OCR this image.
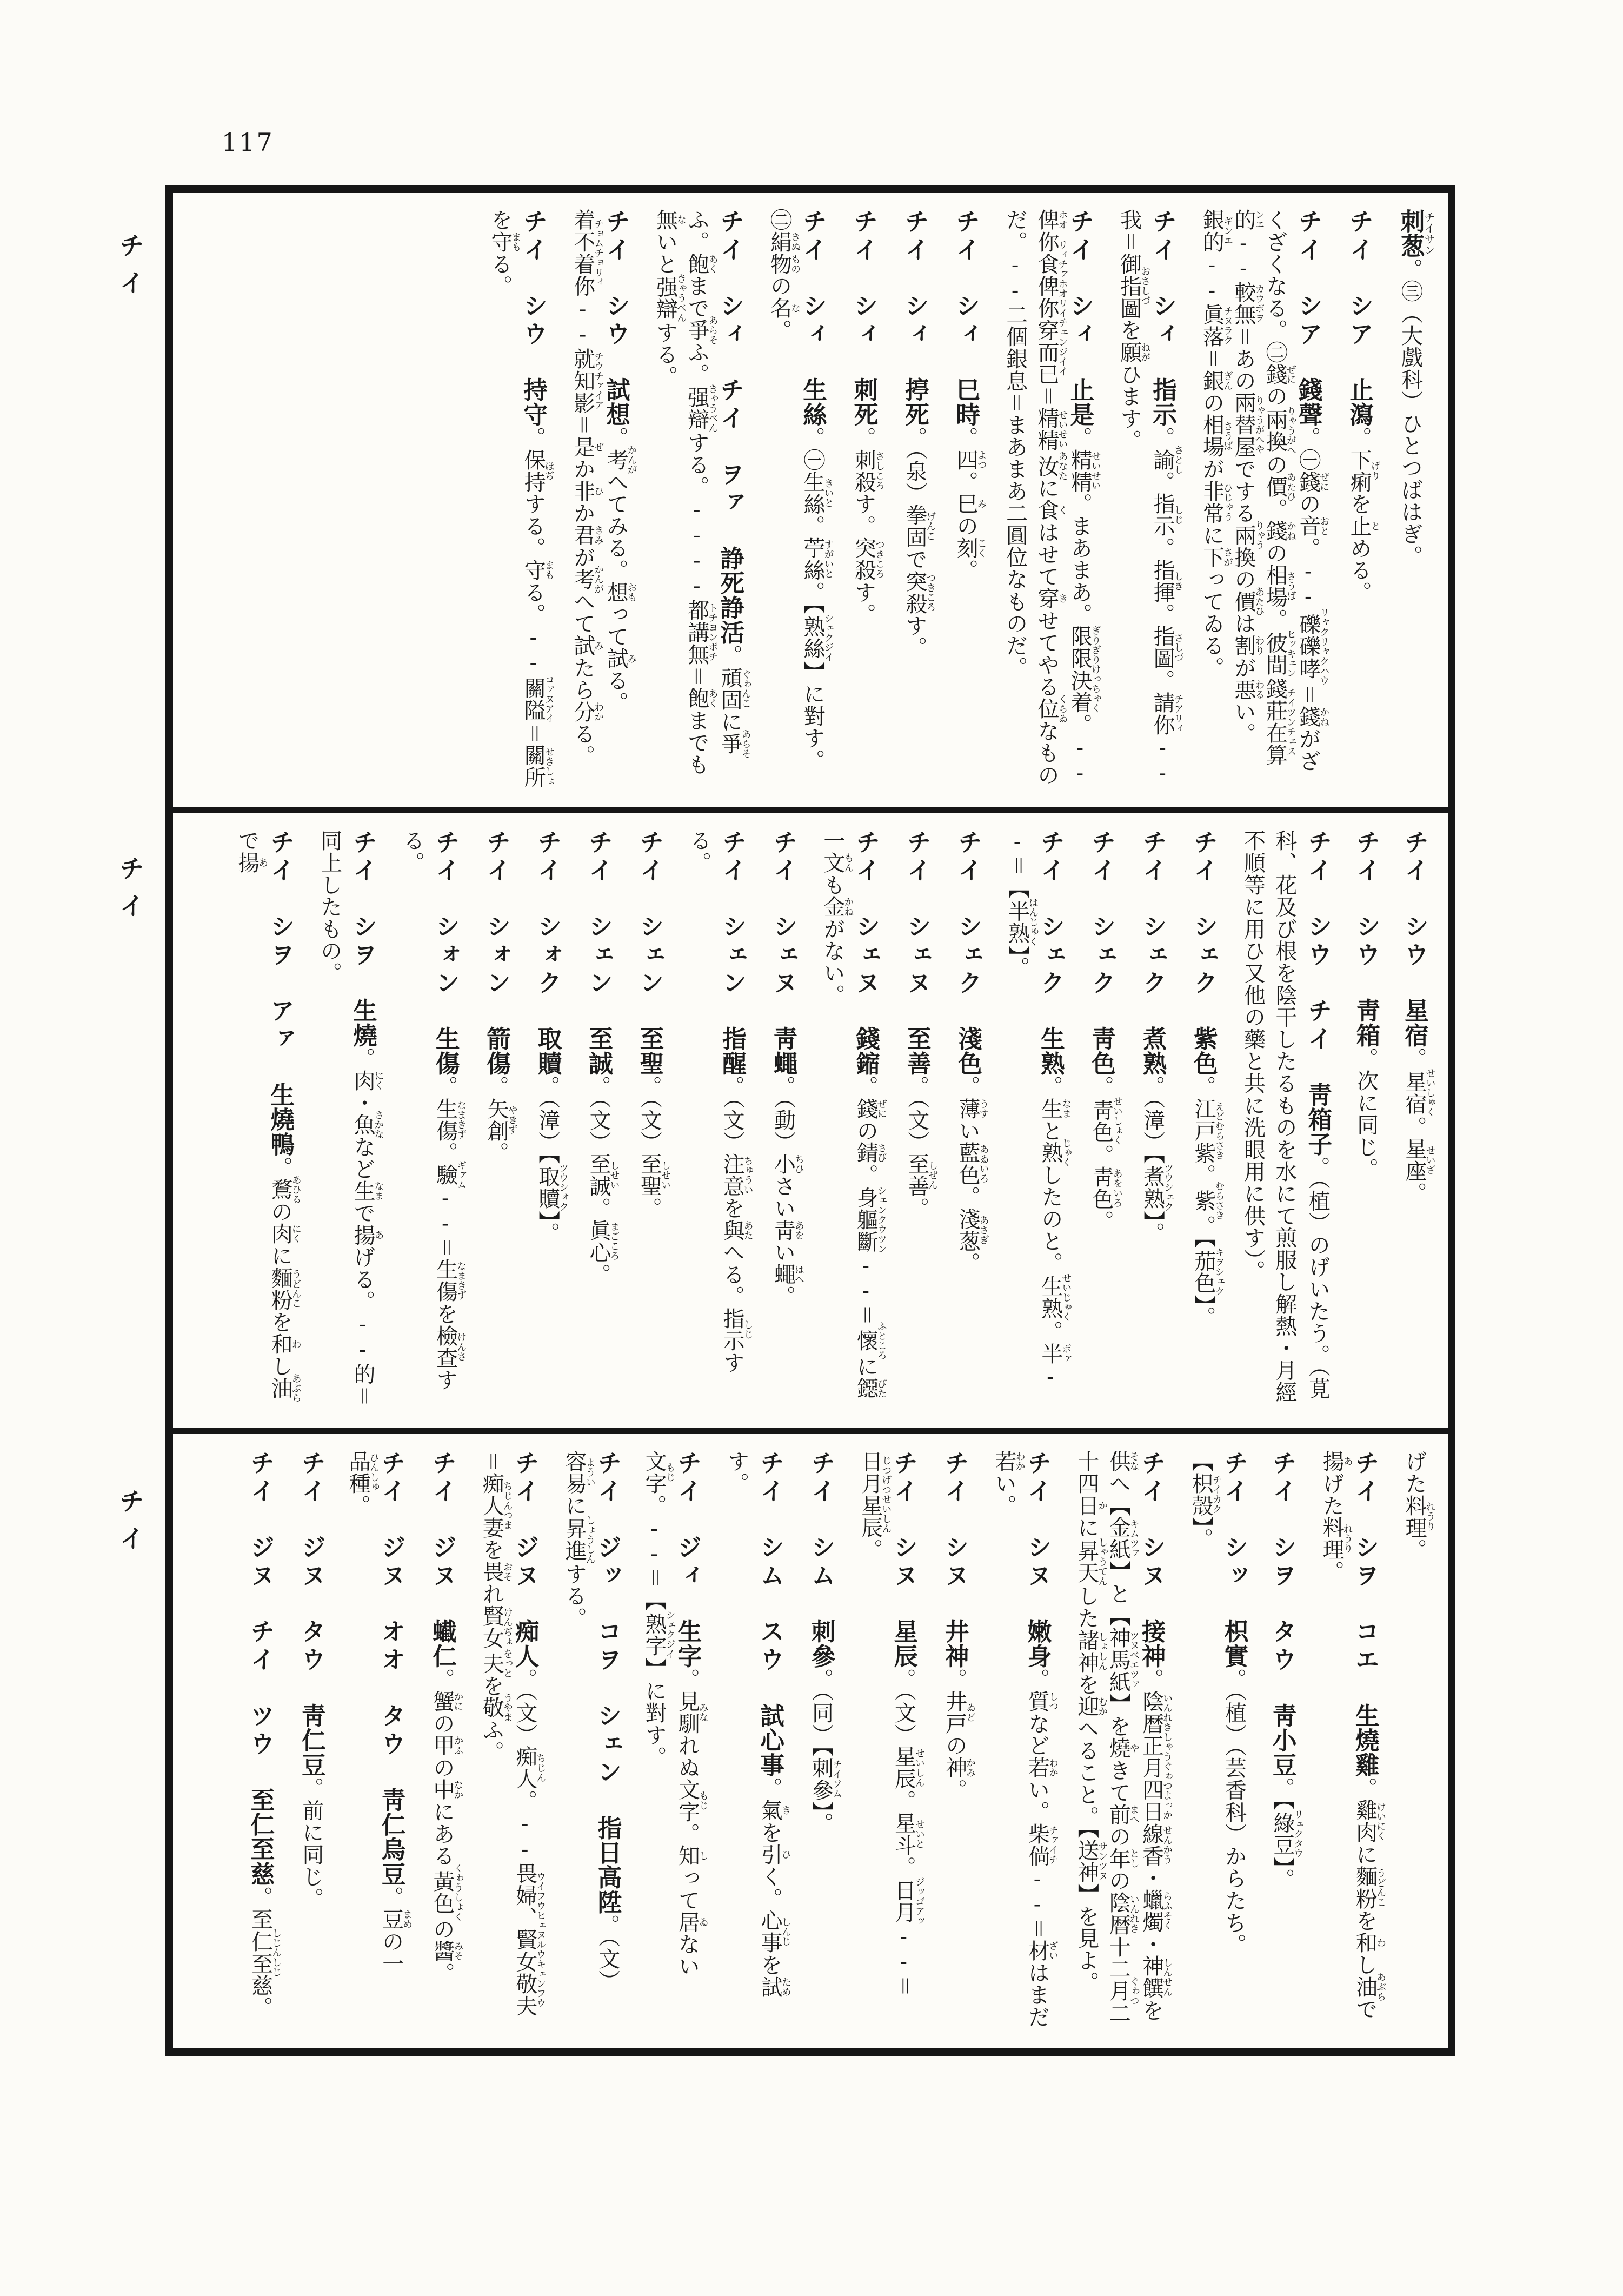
117
チイ
チイ
チイ
刺葱チイサン。㊂（大戲科）ひとつばはぎ。
チイ　シア　止瀉。下痢げりを止とめる。
チイ　シア　錢聲。㊀錢ぜにの音おと。--礫礫哮リャクリャクハウ＝錢かねがざくざくなる。㊁錢ぜにの兩換りゃうがへの價あたひ。錢かねの相場さうば。彼間ヒッキェン錢莊在算的チイツンチェスンエ--較無カウボヲ＝あの兩替屋りゃうがへやでする兩りゃう換の價あたひは割わりが悪わるい。銀的ギンエ--眞落チヌラク＝銀ぎんの相場さうばが非常ひじゃうに下さがってゐる。
チイ　シィ　指示。諭さとし。指示しじ。指揮しき。指圖さしづ。請你チアリィ--我＝御指圖おさしづを願ねがひます。
チイ　シィ　止是。精精せいせい。まあまあ。限限決着ぎりぎりけっちゃく。--俾ホオ你食俾你穿而已リィチァホオリイチェンジイイ＝精精せいせい汝あなたに食くはせて穿きせてやる位くらゐなものだ。--二個銀息＝まあまあ二圓位なものだ。
チイ　シィ　巳時。四よつ。巳みの刻こく。
チイ　シィ　揨死。（泉）拳固げんこで突殺つきころす。
チイ　シィ　刺死。刺殺さしころす。突殺つきころす。
チイ　シィ　生絲。㊀生絲きいと。苧絲すがいと。【熟絲シェクジイ】に對す。㊁絹きぬ物ものの名な。
チイ　シィ　チイ　ヲァ　諍死諍活。頑固ぐゎんこに爭あらそふ。飽あくまで爭あらそふ。强辯きゃうべんする。----都講無トチヨンボチ＝飽あくまでも無ないと强辯きゃうべんする。
チイ　シウ　試想。考かんがへてみる。想おもって試みる。着不着你チョムチョリィ--就知影チウチァイア＝是ぜか非ひか君きみが考かんがへて試みたら分わかる。
チイ　シウ　持守。保持ほぢする。守まもる。--關隘コァヌアイ＝關所せきしょを守まもる。
チイ　シウ　星宿。星宿せいしゅく。星座せいざ。
チイ　シウ　靑箱。次に同じ。
チイ　シウ　チイ　靑箱子。（植）のげいたう。（莧科、花及び根を陰干したるものを水にて煎服し解熱・月經不順等に用ひ又他の藥と共に洗眼用に供す）。
チイ　シェク　紫色。江戸紫えどむらさき。紫むらさき。【茄色キヲシェク】。
チイ　シェク　煮熟。（漳）【煮熟ツウシェク】。
チイ　シェク　靑色。靑色せいしょく。靑色あをいろ。
チイ　シェク　生熟。生なまと熟じゅくしたのと。生熟せいじゅく。半ポァ--＝【半熟はんじゅく】。
チイ　シェク　淺色。薄うすい藍色あゐいろ。淺葱あさぎ。
チイ　シェヌ　至善。（文）至善しぜん。
チイ　シェヌ　錢鏥。錢ぜにの錆さび。身軀斷シェンクウツン--＝懷ふところに鐚びた一文もんも金かねがない。
チイ　シェヌ　靑蠅。（動）小ちひさい靑あをい蠅はへ。
チイ　シェン　指醒。（文）注意ちゅういを與あたへる。指示しじする。
チイ　シェン　至聖。（文）至聖しせい。
チイ　シェン　至誠。（文）至誠しせい。眞心まごころ。
チイ　シォク　取贖。（漳）【取贖ツウシォク】。
チイ　シォン　箭傷。矢創やきず。
チイ　シォン　生傷。生傷なまきず。驗ギァム--＝生傷なまきずを檢查けんさする。
チイ　シヲ　生燒。肉にく・魚さかななど生なまで揚あげる。--的＝同上したもの。
チイ　シヲ　アァ　生燒鴨。鶩あひるの肉にくに麵粉うどんこを和わし油あぶらで揚あ
げた料理れうり。
チイ　シヲ　コエ　生燒雞。雞肉けいにくに麵粉うどんこを和わし油あぶらで揚あげた料理れうり。
チイ　シヲ　タウ　靑小豆。【綠豆リェクタウ】。
チイ　シッ　枳實。（植）（芸香科）からたち。【枳殼チイカク】。
チイ　シヌ　接神。陰暦正月四日いんれきしゃうぐゎつよっか線香せんかう・蠟燭らふそく・神饌しんせんを供そなへ【金紙キムツァ】と【神馬紙ツヌベエツァ】を燒やきて前まへの年としの陰暦いんれき十二月ぐゎつ二十四日かに昇天しゃうてんした諸神しょしんを迎むかへること。【送神サンツヌ】を見よ。
チイ　シヌ　嫩身。質しつなど若わかい。柴倘チァイチ--＝材ざいはまだ若わかい。
チイ　シヌ　井神。井戸ゐどの神かみ。
チイ　シヌ　星辰。（文）星辰せいしん。星斗せいと。日月ジッゴアッ--＝日月星辰じつげつせいしん。
チイ　シム　刺參。（同）【刺參チイソム】。
チイ　シム　スウ　試心事。氣きを引ひく。心事しんじを試ためす。
チイ　ジィ　生字。見馴みなれぬ文字もじ。知しって居ゐない文字もじ。--＝【熟字シェクジイ】に對す。
チイ　ジッ　コヲ　シェン　指日高陞。（文）容易よういに昇進しょうしんする。
チイ　ジヌ　痴人。（文）痴人ちじん。--畏婦、賢女敬夫ウイフウヒェヌルウキェンフウ＝痴人妻ちじんつまを畏おそれ賢女けんぢょ夫をっとを敬うやまふ。
チイ　ジヌ　蠘仁。蟹かにの甲かふの中なかにある黃色くゎうしょくの醬みそ。
チイ　ジヌ　オオ　タウ　靑仁烏豆。豆まめの一品種ひんしゅ。
チイ　ジヌ　タウ　靑仁豆。前に同じ。
チイ　ジヌ　チイ　ツウ　至仁至慈。至仁至慈しじんしじ。
